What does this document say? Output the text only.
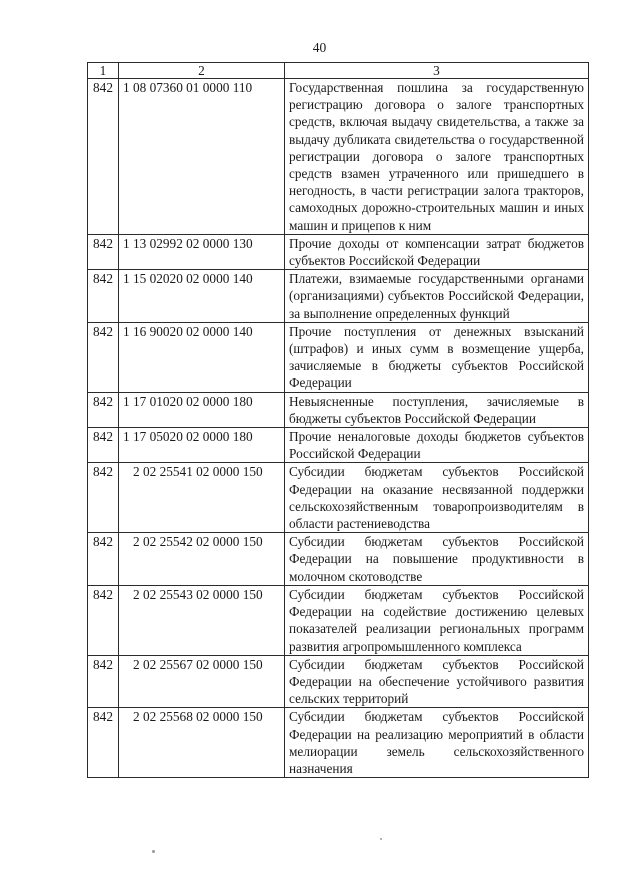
40
1	2	3
842	1 08 07360 01 0000 110	Государственная пошлина за государственную регистрацию договора о залоге транспортных средств, включая выдачу свидетельства, а также за выдачу дубликата свидетельства о государственной регистрации договора о залоге транспортных средств взамен утраченного или пришедшего в негодность, в части регистрации залога тракторов, самоходных дорожно-строительных машин и иных машин и прицепов к ним
842	1 13 02992 02 0000 130	Прочие доходы от компенсации затрат бюджетов субъектов Российской Федерации
842	1 15 02020 02 0000 140	Платежи, взимаемые государственными органами (организациями) субъектов Российской Федерации, за выполнение определенных функций
842	1 16 90020 02 0000 140	Прочие поступления от денежных взысканий (штрафов) и иных сумм в возмещение ущерба, зачисляемые в бюджеты субъектов Российской Федерации
842	1 17 01020 02 0000 180	Невыясненные поступления, зачисляемые в бюджеты субъектов Российской Федерации
842	1 17 05020 02 0000 180	Прочие неналоговые доходы бюджетов субъектов Российской Федерации
842	2 02 25541 02 0000 150	Субсидии бюджетам субъектов Российской Федерации на оказание несвязанной поддержки сельскохозяйственным товаропроизводителям в области растениеводства
842	2 02 25542 02 0000 150	Субсидии бюджетам субъектов Российской Федерации на повышение продуктивности в молочном скотоводстве
842	2 02 25543 02 0000 150	Субсидии бюджетам субъектов Российской Федерации на содействие достижению целевых показателей реализации региональных программ развития агропромышленного комплекса
842	2 02 25567 02 0000 150	Субсидии бюджетам субъектов Российской Федерации на обеспечение устойчивого развития сельских территорий
842	2 02 25568 02 0000 150	Субсидии бюджетам субъектов Российской Федерации на реализацию мероприятий в области мелиорации земель сельскохозяйственного назначения
